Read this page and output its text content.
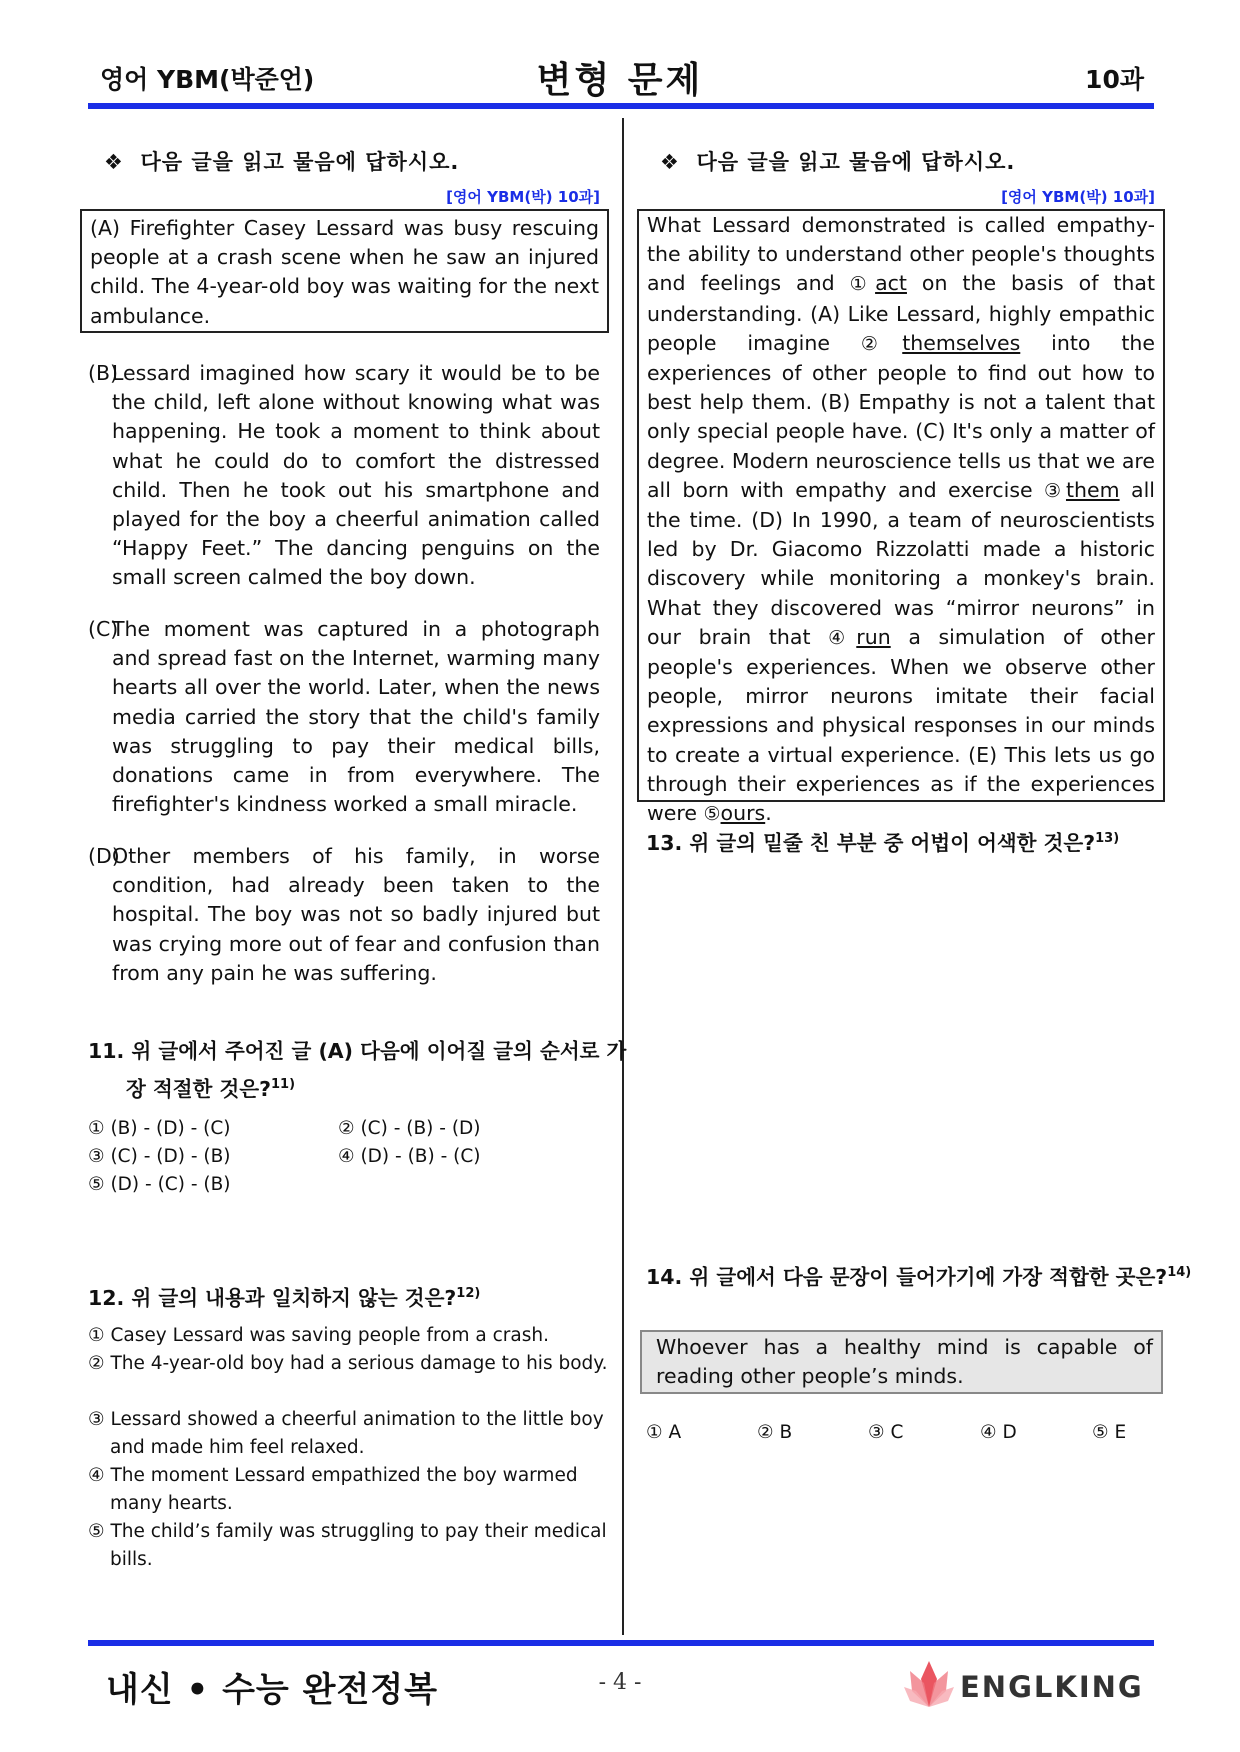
영어 YBM(박준언)	변형 문제	10과
❖ 다음 글을 읽고 물음에 답하시오.
[영어 YBM(박) 10과]
(A) Firefighter Casey Lessard was busy rescuing people at a crash scene when he saw an injured child. The 4-year-old boy was waiting for the next ambulance.
(B)Lessard imagined how scary it would be to be the child, left alone without knowing what was happening. He took a moment to think about what he could do to comfort the distressed child. Then he took out his smartphone and played for the boy a cheerful animation called “Happy Feet.” The dancing penguins on the small screen calmed the boy down.
(C)The moment was captured in a photograph and spread fast on the Internet, warming many hearts all over the world. Later, when the news media carried the story that the child's family was struggling to pay their medical bills, donations came in from everywhere. The firefighter's kindness worked a small miracle.
(D)Other members of his family, in worse condition, had already been taken to the hospital. The boy was not so badly injured but was crying more out of fear and confusion than from any pain he was suffering.
11. 위 글에서 주어진 글 (A) 다음에 이어질 글의 순서로 가장 적절한 것은?$^{11)}$
① (B) - (D) - (C)	② (C) - (B) - (D)
③ (C) - (D) - (B)	④ (D) - (B) - (C)
⑤ (D) - (C) - (B)
12. 위 글의 내용과 일치하지 않는 것은?$^{12)}$
① Casey Lessard was saving people from a crash.
② The 4-year-old boy had a serious damage to his body.
③ Lessard showed a cheerful animation to the little boy and made him feel relaxed.
④ The moment Lessard empathized the boy warmed many hearts.
⑤ The child’s family was struggling to pay their medical bills.
❖ 다음 글을 읽고 물음에 답하시오.
[영어 YBM(박) 10과]
What Lessard demonstrated is called empathy-the ability to understand other people's thoughts and feelings and ①act on the basis of that understanding. (A) Like Lessard, highly empathic people imagine ②themselves into the experiences of other people to find out how to best help them. (B) Empathy is not a talent that only special people have. (C) It's only a matter of degree. Modern neuroscience tells us that we are all born with empathy and exercise ③them all the time. (D) In 1990, a team of neuroscientists led by Dr. Giacomo Rizzolatti made a historic discovery while monitoring a monkey's brain. What they discovered was “mirror neurons” in our brain that ④run a simulation of other people's experiences. When we observe other people, mirror neurons imitate their facial expressions and physical responses in our minds to create a virtual experience. (E) This lets us go through their experiences as if the experiences were ⑤ours.
13. 위 글의 밑줄 친 부분 중 어법이 어색한 것은?$^{13)}$
14. 위 글에서 다음 문장이 들어가기에 가장 적합한 곳은?$^{14)}$
Whoever has a healthy mind is capable of reading other people’s minds.
① A	② B	③ C	④ D	⑤ E
내신 • 수능 완전정복	- 4 -	ENGLKING
